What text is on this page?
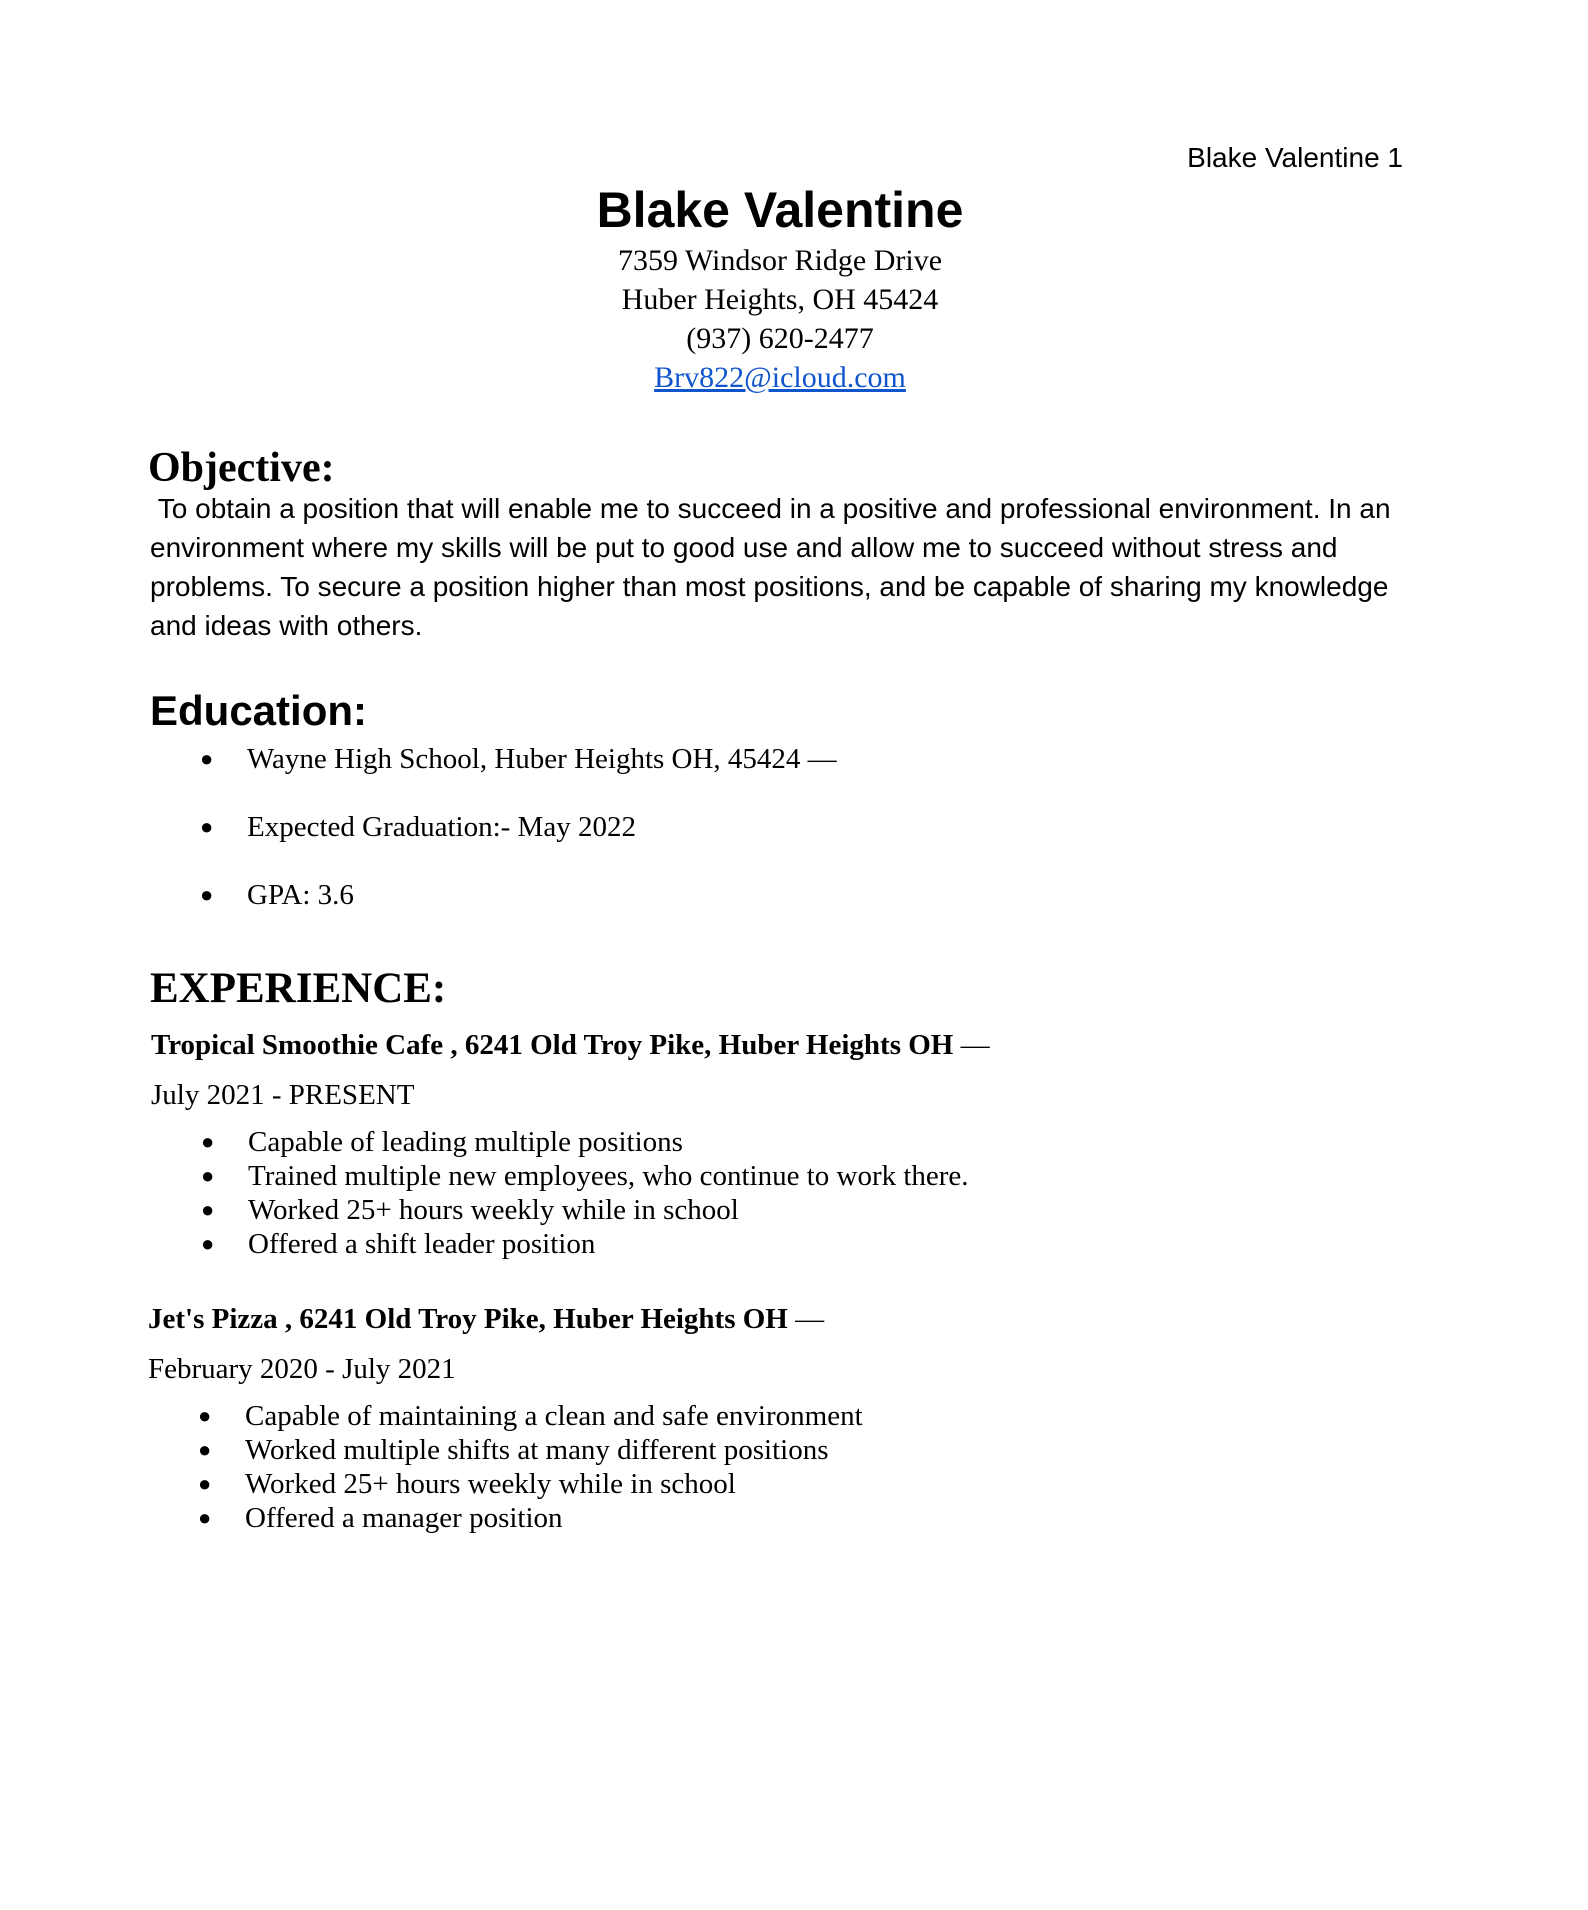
Blake Valentine 1
Blake Valentine
7359 Windsor Ridge Drive
Huber Heights, OH 45424
(937) 620-2477
Brv822@icloud.com
Objective:
To obtain a position that will enable me to succeed in a positive and professional environment. In an environment where my skills will be put to good use and allow me to succeed without stress and problems. To secure a position higher than most positions, and be capable of sharing my knowledge and ideas with others.
Education:
● Wayne High School, Huber Heights OH, 45424 —
● Expected Graduation:- May 2022
● GPA: 3.6
EXPERIENCE:
Tropical Smoothie Cafe , 6241 Old Troy Pike, Huber Heights OH —
July 2021 - PRESENT
● Capable of leading multiple positions
● Trained multiple new employees, who continue to work there.
● Worked 25+ hours weekly while in school
● Offered a shift leader position
Jet's Pizza , 6241 Old Troy Pike, Huber Heights OH —
February 2020 - July 2021
● Capable of maintaining a clean and safe environment
● Worked multiple shifts at many different positions
● Worked 25+ hours weekly while in school
● Offered a manager position
